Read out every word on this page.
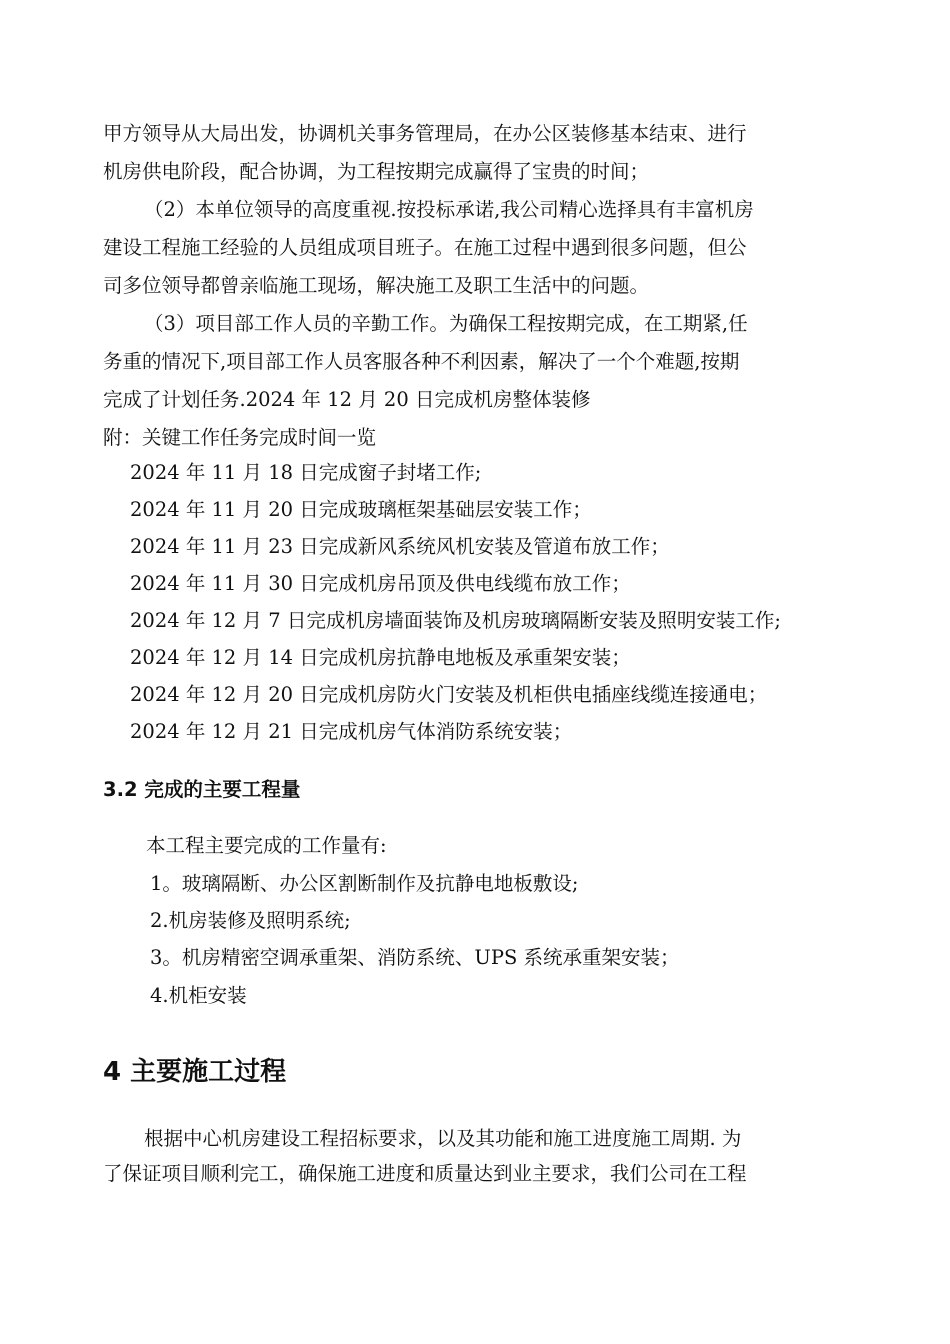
甲方领导从大局出发，协调机关事务管理局，在办公区装修基本结束、进行
机房供电阶段，配合协调，为工程按期完成赢得了宝贵的时间；
（2）本单位领导的高度重视.按投标承诺,我公司精心选择具有丰富机房
建设工程施工经验的人员组成项目班子。在施工过程中遇到很多问题，但公
司多位领导都曾亲临施工现场，解决施工及职工生活中的问题。
（3）项目部工作人员的辛勤工作。为确保工程按期完成，在工期紧,任
务重的情况下,项目部工作人员客服各种不利因素，解决了一个个难题,按期
完成了计划任务.2024 年 12 月 20 日完成机房整体装修
附：关键工作任务完成时间一览
2024 年 11 月 18 日完成窗子封堵工作;
2024 年 11 月 20 日完成玻璃框架基础层安装工作；
2024 年 11 月 23 日完成新风系统风机安装及管道布放工作；
2024 年 11 月 30 日完成机房吊顶及供电线缆布放工作；
2024 年 12 月 7 日完成机房墙面装饰及机房玻璃隔断安装及照明安装工作;
2024 年 12 月 14 日完成机房抗静电地板及承重架安装；
2024 年 12 月 20 日完成机房防火门安装及机柜供电插座线缆连接通电；
2024 年 12 月 21 日完成机房气体消防系统安装；
3.2 完成的主要工程量
本工程主要完成的工作量有:
1。玻璃隔断、办公区割断制作及抗静电地板敷设;
2.机房装修及照明系统;
3。机房精密空调承重架、消防系统、UPS 系统承重架安装；
4.机柜安装
4 主要施工过程
根据中心机房建设工程招标要求，以及其功能和施工进度施工周期. 为
了保证项目顺利完工，确保施工进度和质量达到业主要求，我们公司在工程
